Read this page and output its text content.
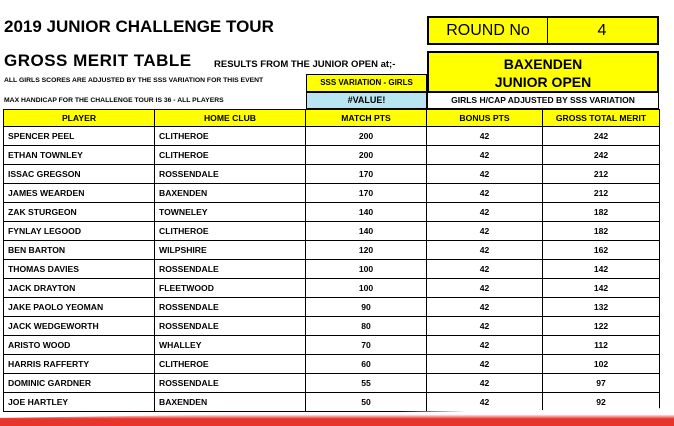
2019 JUNIOR CHALLENGE TOUR	ROUND No	4
GROSS MERIT TABLE RESULTS FROM THE JUNIOR OPEN at;-	BAXENDEN
JUNIOR OPEN
ALL GIRLS SCORES ARE ADJUSTED BY THE SSS VARIATION FOR THIS EVENT
MAX HANDICAP FOR THE CHALLENGE TOUR IS 36 - ALL PLAYERS
SSS VARIATION - GIRLS
#VALUE!	GIRLS H/CAP ADJUSTED BY SSS VARIATION
PLAYER	HOME CLUB	MATCH PTS	BONUS PTS	GROSS TOTAL MERIT
SPENCER PEEL	CLITHEROE	200	42	242
ETHAN TOWNLEY	CLITHEROE	200	42	242
ISSAC GREGSON	ROSSENDALE	170	42	212
JAMES WEARDEN	BAXENDEN	170	42	212
ZAK STURGEON	TOWNELEY	140	42	182
FYNLAY LEGOOD	CLITHEROE	140	42	182
BEN BARTON	WILPSHIRE	120	42	162
THOMAS DAVIES	ROSSENDALE	100	42	142
JACK DRAYTON	FLEETWOOD	100	42	142
JAKE PAOLO YEOMAN	ROSSENDALE	90	42	132
JACK WEDGEWORTH	ROSSENDALE	80	42	122
ARISTO WOOD	WHALLEY	70	42	112
HARRIS RAFFERTY	CLITHEROE	60	42	102
DOMINIC GARDNER	ROSSENDALE	55	42	97
JOE HARTLEY	BAXENDEN	50	42	92
